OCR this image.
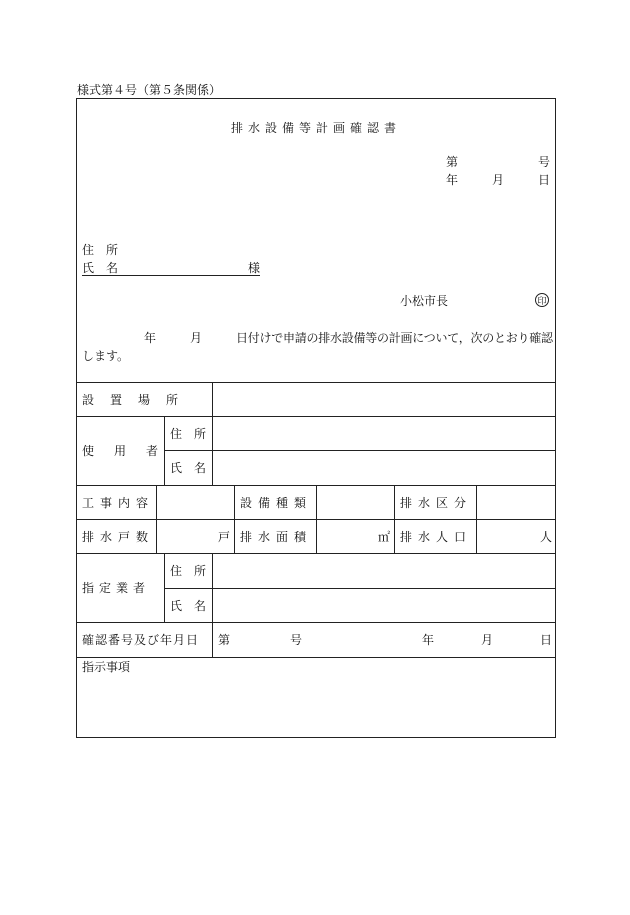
様式第４号（第５条関係）
排水設備等計画確認書
第	号
年	月	日
住　所
氏　名	様
小松市長	印
年	月	日付けで申請の排水設備等の計画について，次のとおり確認
します。
設　置　場　所
使　用　者
住　所
氏　名
工事内容	設備種類	排水区分
排水戸数	戸 排水面積	㎡ 排水人口	人
指定業者
住　所
氏　名
確認番号及び年月日 第	号	年	月	日
指示事項
